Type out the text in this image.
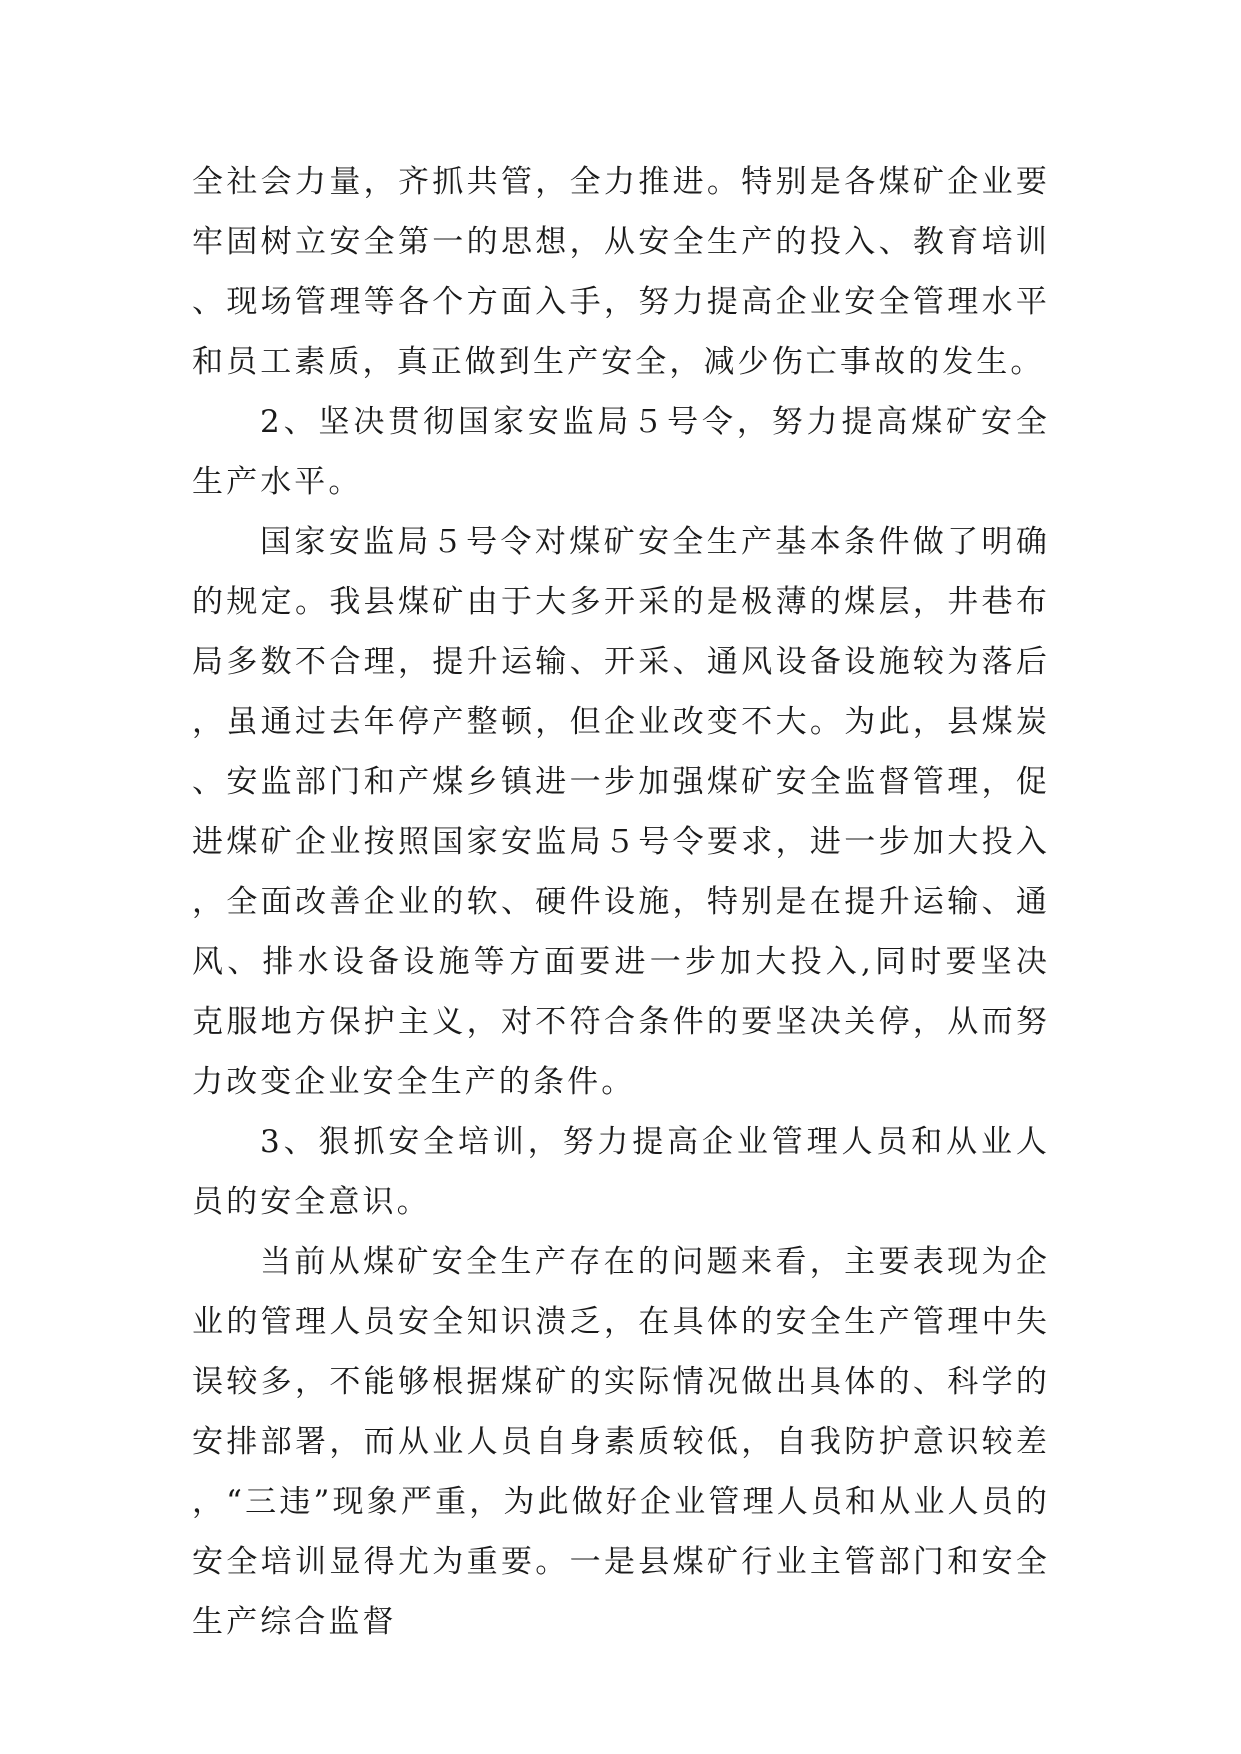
全社会力量，齐抓共管，全力推进。特别是各煤矿企业要牢固树立安全第一的思想，从安全生产的投入、教育培训、现场管理等各个方面入手，努力提高企业安全管理水平和员工素质，真正做到生产安全，减少伤亡事故的发生。

2、坚决贯彻国家安监局５号令，努力提高煤矿安全生产水平。

国家安监局５号令对煤矿安全生产基本条件做了明确的规定。我县煤矿由于大多开采的是极薄的煤层，井巷布局多数不合理，提升运输、开采、通风设备设施较为落后，虽通过去年停产整顿，但企业改变不大。为此，县煤炭、安监部门和产煤乡镇进一步加强煤矿安全监督管理，促进煤矿企业按照国家安监局５号令要求，进一步加大投入，全面改善企业的软、硬件设施，特别是在提升运输、通风、排水设备设施等方面要进一步加大投入,同时要坚决克服地方保护主义，对不符合条件的要坚决关停，从而努力改变企业安全生产的条件。

3、狠抓安全培训，努力提高企业管理人员和从业人员的安全意识。

当前从煤矿安全生产存在的问题来看，主要表现为企业的管理人员安全知识溃乏，在具体的安全生产管理中失误较多，不能够根据煤矿的实际情况做出具体的、科学的安排部署，而从业人员自身素质较低，自我防护意识较差，“三违”现象严重，为此做好企业管理人员和从业人员的安全培训显得尤为重要。一是县煤矿行业主管部门和安全生产综合监督
